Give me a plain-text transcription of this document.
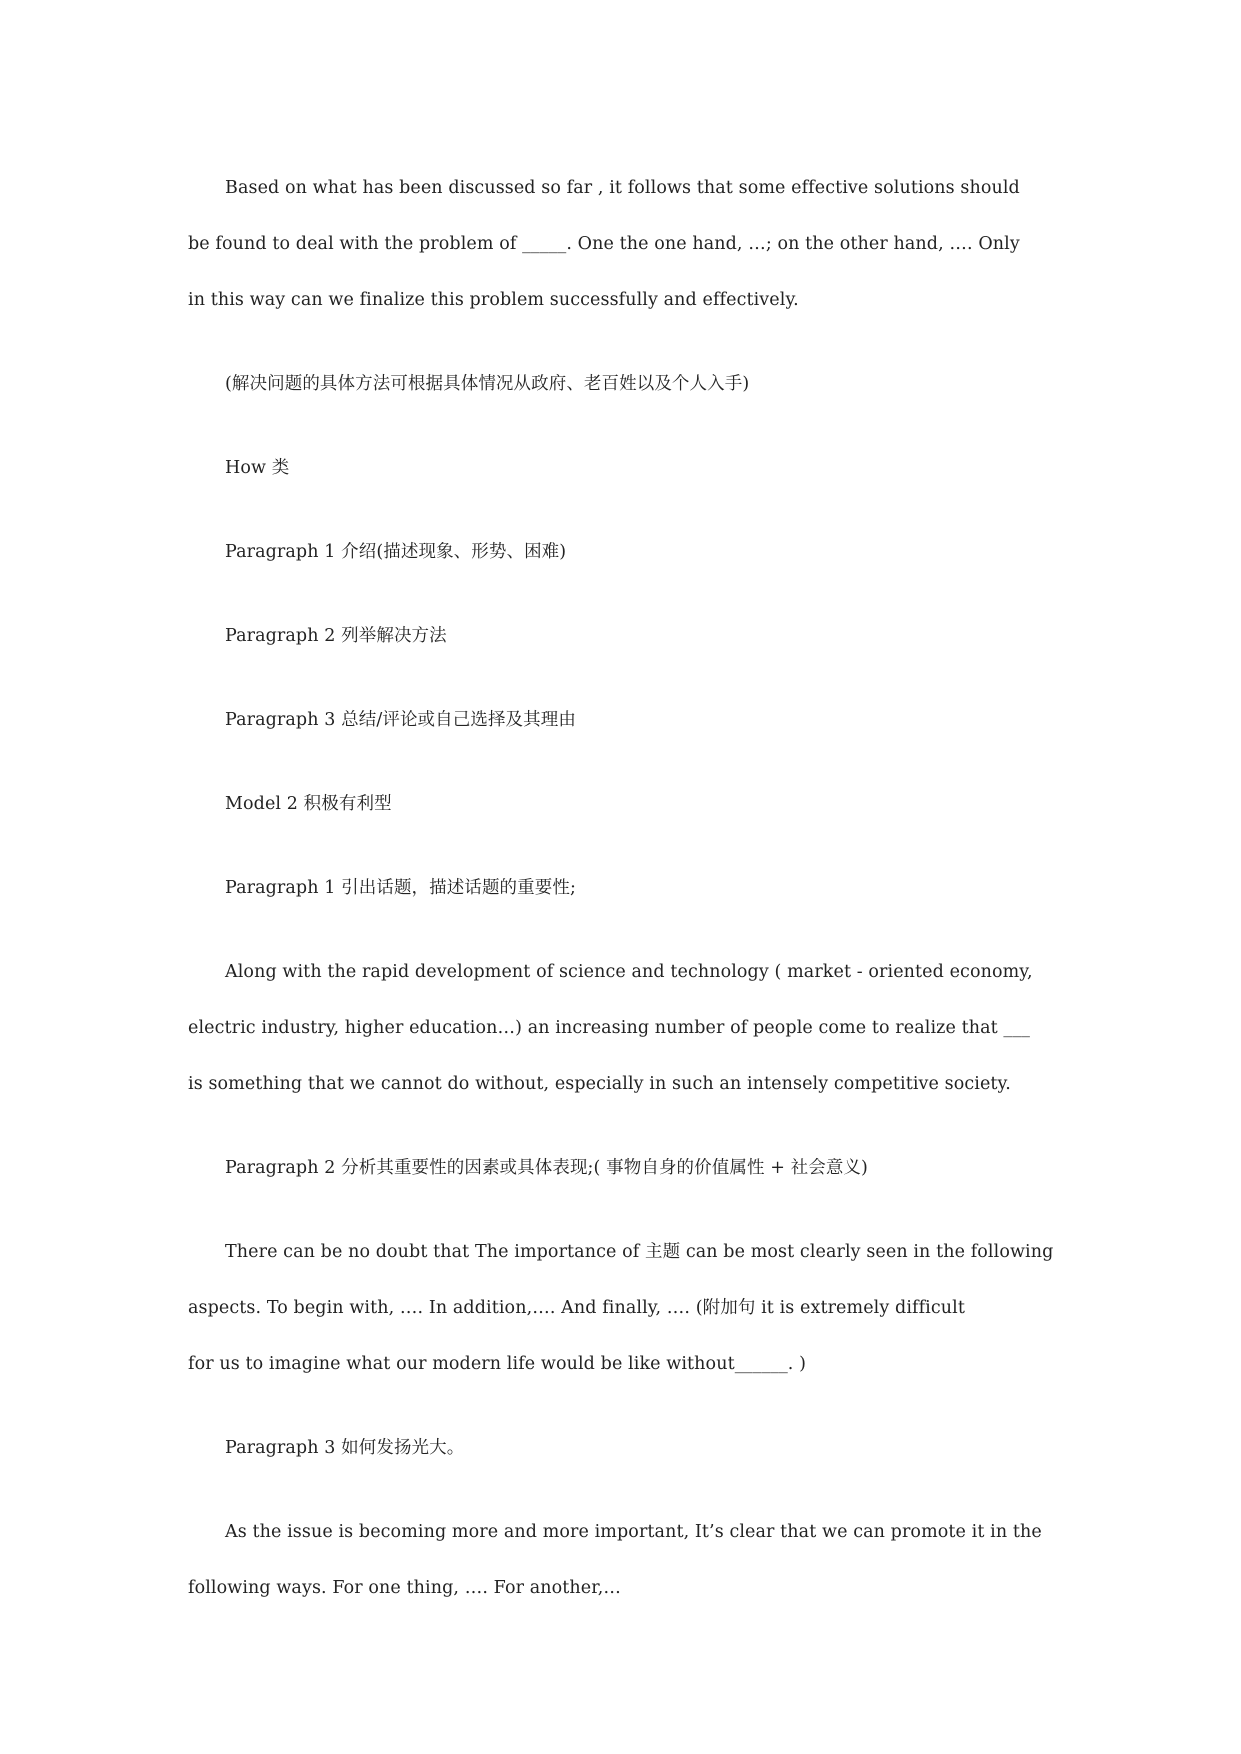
Based on what has been discussed so far , it follows that some effective solutions should

be found to deal with the problem of _____. One the one hand, …; on the other hand, …. Only

in this way can we finalize this problem successfully and effectively.

(解决问题的具体方法可根据具体情况从政府、老百姓以及个人入手)

How 类

Paragraph 1 介绍(描述现象、形势、困难)

Paragraph 2 列举解决方法

Paragraph 3 总结/评论或自己选择及其理由

Model 2 积极有利型

Paragraph 1 引出话题，描述话题的重要性;

Along with the rapid development of science and technology ( market - oriented economy,

electric industry, higher education…) an increasing number of people come to realize that ___

is something that we cannot do without, especially in such an intensely competitive society.

Paragraph 2 分析其重要性的因素或具体表现;( 事物自身的价值属性 + 社会意义)

There can be no doubt that The importance of 主题 can be most clearly seen in the following

aspects. To begin with, …. In addition,…. And finally, …. (附加句 it is extremely difficult

for us to imagine what our modern life would be like without______. )

Paragraph 3 如何发扬光大。

As the issue is becoming more and more important, It’s clear that we can promote it in the

following ways. For one thing, …. For another,…
